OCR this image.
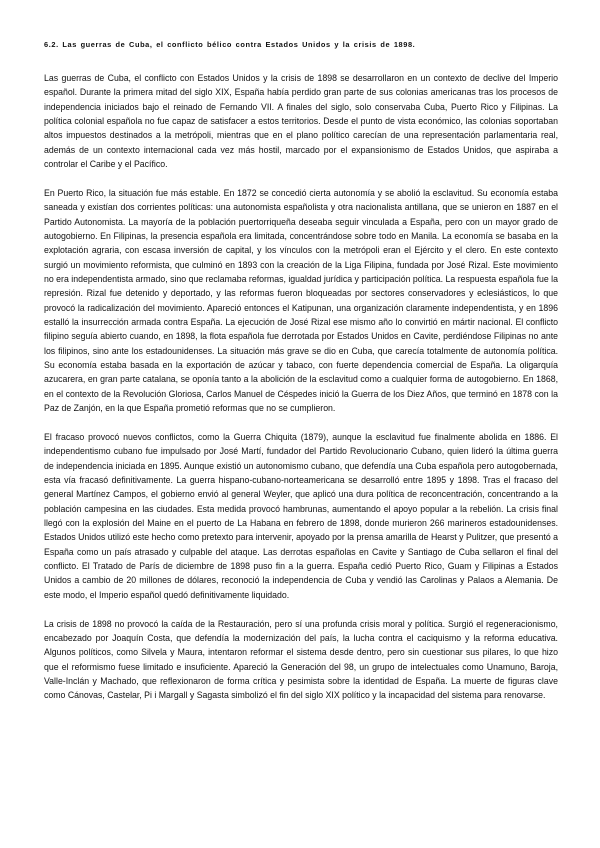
6.2. Las guerras de Cuba, el conflicto bélico contra Estados Unidos y la crisis de 1898.

Las guerras de Cuba, el conflicto con Estados Unidos y la crisis de 1898 se desarrollaron en un contexto de declive del Imperio español. Durante la primera mitad del siglo XIX, España había perdido gran parte de sus colonias americanas tras los procesos de independencia iniciados bajo el reinado de Fernando VII. A finales del siglo, solo conservaba Cuba, Puerto Rico y Filipinas. La política colonial española no fue capaz de satisfacer a estos territorios. Desde el punto de vista económico, las colonias soportaban altos impuestos destinados a la metrópoli, mientras que en el plano político carecían de una representación parlamentaria real, además de un contexto internacional cada vez más hostil, marcado por el expansionismo de Estados Unidos, que aspiraba a controlar el Caribe y el Pacífico.

En Puerto Rico, la situación fue más estable. En 1872 se concedió cierta autonomía y se abolió la esclavitud. Su economía estaba saneada y existían dos corrientes políticas: una autonomista españolista y otra nacionalista antillana, que se unieron en 1887 en el Partido Autonomista. La mayoría de la población puertorriqueña deseaba seguir vinculada a España, pero con un mayor grado de autogobierno. En Filipinas, la presencia española era limitada, concentrándose sobre todo en Manila. La economía se basaba en la explotación agraria, con escasa inversión de capital, y los vínculos con la metrópoli eran el Ejército y el clero. En este contexto surgió un movimiento reformista, que culminó en 1893 con la creación de la Liga Filipina, fundada por José Rizal. Este movimiento no era independentista armado, sino que reclamaba reformas, igualdad jurídica y participación política. La respuesta española fue la represión. Rizal fue detenido y deportado, y las reformas fueron bloqueadas por sectores conservadores y eclesiásticos, lo que provocó la radicalización del movimiento. Apareció entonces el Katipunan, una organización claramente independentista, y en 1896 estalló la insurrección armada contra España. La ejecución de José Rizal ese mismo año lo convirtió en mártir nacional. El conflicto filipino seguía abierto cuando, en 1898, la flota española fue derrotada por Estados Unidos en Cavite, perdiéndose Filipinas no ante los filipinos, sino ante los estadounidenses. La situación más grave se dio en Cuba, que carecía totalmente de autonomía política. Su economía estaba basada en la exportación de azúcar y tabaco, con fuerte dependencia comercial de España. La oligarquía azucarera, en gran parte catalana, se oponía tanto a la abolición de la esclavitud como a cualquier forma de autogobierno. En 1868, en el contexto de la Revolución Gloriosa, Carlos Manuel de Céspedes inició la Guerra de los Diez Años, que terminó en 1878 con la Paz de Zanjón, en la que España prometió reformas que no se cumplieron.

El fracaso provocó nuevos conflictos, como la Guerra Chiquita (1879), aunque la esclavitud fue finalmente abolida en 1886. El independentismo cubano fue impulsado por José Martí, fundador del Partido Revolucionario Cubano, quien lideró la última guerra de independencia iniciada en 1895. Aunque existió un autonomismo cubano, que defendía una Cuba española pero autogobernada, esta vía fracasó definitivamente. La guerra hispano-cubano-norteamericana se desarrolló entre 1895 y 1898. Tras el fracaso del general Martínez Campos, el gobierno envió al general Weyler, que aplicó una dura política de reconcentración, concentrando a la población campesina en las ciudades. Esta medida provocó hambrunas, aumentando el apoyo popular a la rebelión. La crisis final llegó con la explosión del Maine en el puerto de La Habana en febrero de 1898, donde murieron 266 marineros estadounidenses. Estados Unidos utilizó este hecho como pretexto para intervenir, apoyado por la prensa amarilla de Hearst y Pulitzer, que presentó a España como un país atrasado y culpable del ataque. Las derrotas españolas en Cavite y Santiago de Cuba sellaron el final del conflicto. El Tratado de París de diciembre de 1898 puso fin a la guerra. España cedió Puerto Rico, Guam y Filipinas a Estados Unidos a cambio de 20 millones de dólares, reconoció la independencia de Cuba y vendió las Carolinas y Palaos a Alemania. De este modo, el Imperio español quedó definitivamente liquidado.

La crisis de 1898 no provocó la caída de la Restauración, pero sí una profunda crisis moral y política. Surgió el regeneracionismo, encabezado por Joaquín Costa, que defendía la modernización del país, la lucha contra el caciquismo y la reforma educativa. Algunos políticos, como Silvela y Maura, intentaron reformar el sistema desde dentro, pero sin cuestionar sus pilares, lo que hizo que el reformismo fuese limitado e insuficiente. Apareció la Generación del 98, un grupo de intelectuales como Unamuno, Baroja, Valle-Inclán y Machado, que reflexionaron de forma crítica y pesimista sobre la identidad de España. La muerte de figuras clave como Cánovas, Castelar, Pi i Margall y Sagasta simbolizó el fin del siglo XIX político y la incapacidad del sistema para renovarse.
